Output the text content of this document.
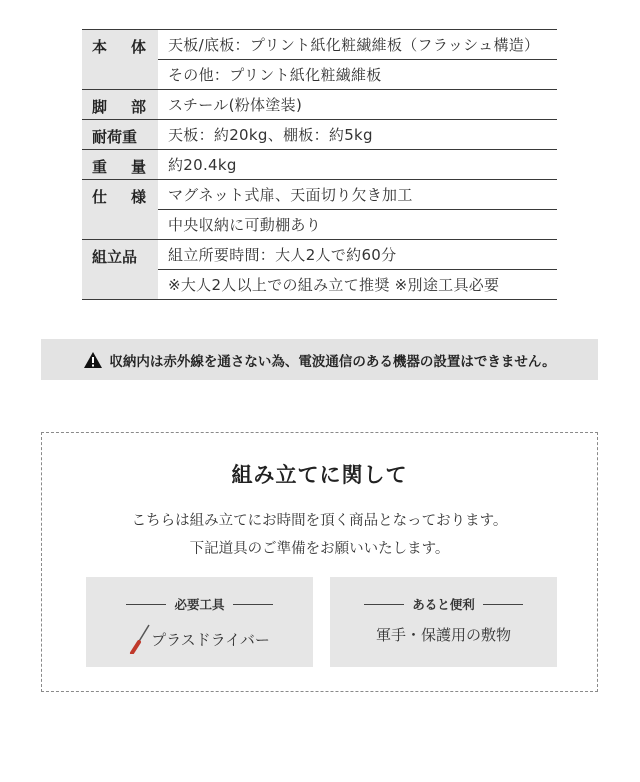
本 体	天板/底板：プリント紙化粧繊維板（フラッシュ構造）
	その他：プリント紙化粧繊維板

脚 部	スチール(粉体塗装)

耐荷重	天板：約20kg、棚板：約5kg

重 量	約20.4kg

仕 様	マグネット式扉、天面切り欠き加工
	中央収納に可動棚あり

組立品	組立所要時間：大人2人で約60分
	※大人2人以上での組み立て推奨 ※別途工具必要
収納内は赤外線を通さない為、電波通信のある機器の設置はできません。
組み立てに関して
こちらは組み立てにお時間を頂く商品となっております。
下記道具のご準備をお願いいたします。
必要工具
プラスドライバー
あると便利
軍手・保護用の敷物
